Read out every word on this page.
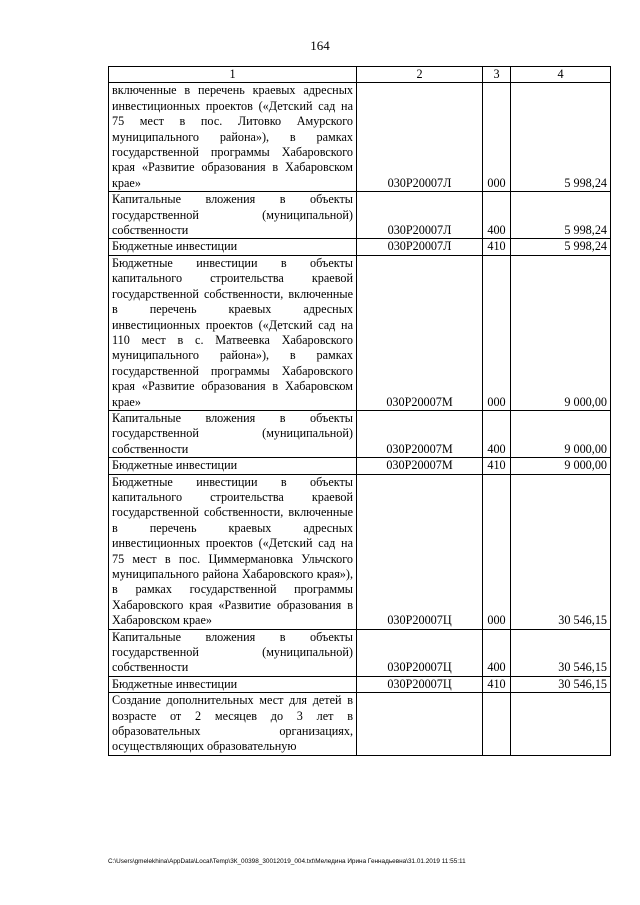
164
1	2	3	4
включенные в перечень краевых адресных инвестиционных проектов («Детский сад на 75 мест в пос. Литовко Амурского муниципального района»), в рамках государственной программы Хабаровского края «Развитие образования в Хабаровском крае»	030P20007Л	000	5 998,24
Капитальные вложения в объекты государственной (муниципальной) собственности	030P20007Л	400	5 998,24
Бюджетные инвестиции	030P20007Л	410	5 998,24
Бюджетные инвестиции в объекты капитального строительства краевой государственной собственности, включенные в перечень краевых адресных инвестиционных проектов («Детский сад на 110 мест в с. Матвеевка Хабаровского муниципального района»), в рамках государственной программы Хабаровского края «Развитие образования в Хабаровском крае»	030P20007М	000	9 000,00
Капитальные вложения в объекты государственной (муниципальной) собственности	030P20007М	400	9 000,00
Бюджетные инвестиции	030P20007М	410	9 000,00
Бюджетные инвестиции в объекты капитального строительства краевой государственной собственности, включенные в перечень краевых адресных инвестиционных проектов («Детский сад на 75 мест в пос. Циммермановка Ульчского муниципального района Хабаровского края»), в рамках государственной программы Хабаровского края «Развитие образования в Хабаровском крае»	030P20007Ц	000	30 546,15
Капитальные вложения в объекты государственной (муниципальной) собственности	030P20007Ц	400	30 546,15
Бюджетные инвестиции	030P20007Ц	410	30 546,15
Создание дополнительных мест для детей в возрасте от 2 месяцев до 3 лет в образовательных организациях, осуществляющих образовательную			
C:\Users\gmelekhina\AppData\Local\Temp\3К_00398_30012019_004.txt\Меледина Ирина Геннадьевна\31.01.2019 11:55:11
